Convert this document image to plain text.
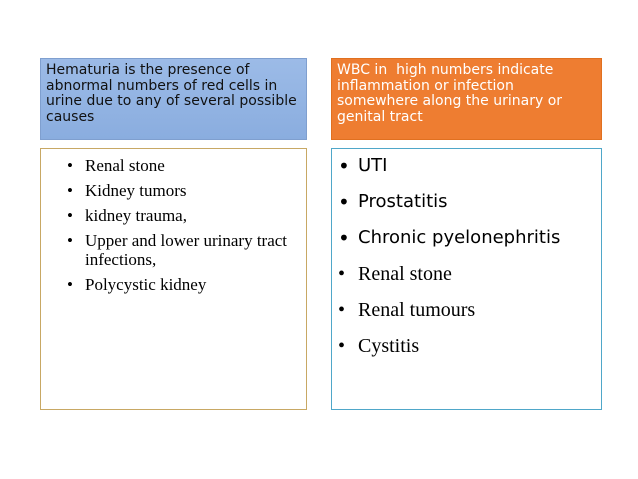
Hematuria is the presence of abnormal numbers of red cells in urine due to any of several possible causes
WBC in  high numbers indicate inflammation or infection somewhere along the urinary or genital tract
• Renal stone
• Kidney tumors
• kidney trauma,
• Upper and lower urinary tract infections,
• Polycystic kidney
• UTI
• Prostatitis
• Chronic pyelonephritis
• Renal stone
• Renal tumours
• Cystitis
